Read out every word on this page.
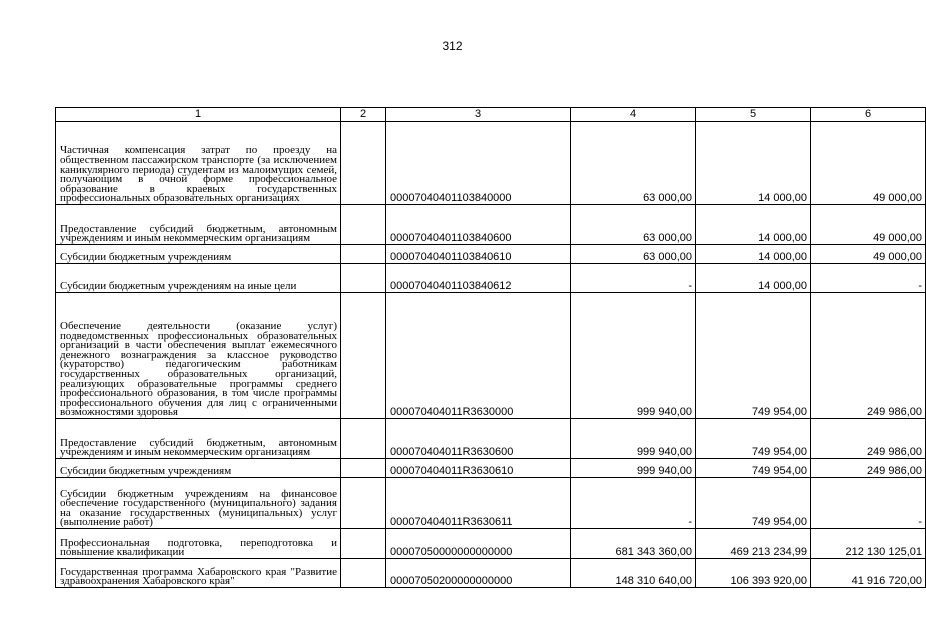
312
1	2	3	4	5	6
Частичная компенсация затрат по проезду на общественном пассажирском транспорте (за исключением каникулярного периода) студентам из малоимущих семей, получающим в очной форме профессиональное образование в краевых государственных профессиональных образовательных организациях		00007040401103840000	63 000,00	14 000,00	49 000,00
Предоставление субсидий бюджетным, автономным учреждениям и иным некоммерческим организациям		00007040401103840600	63 000,00	14 000,00	49 000,00
Субсидии бюджетным учреждениям		00007040401103840610	63 000,00	14 000,00	49 000,00
Субсидии бюджетным учреждениям на иные цели		00007040401103840612	-	14 000,00	-
Обеспечение деятельности (оказание услуг) подведомственных профессиональных образовательных организаций в части обеспечения выплат ежемесячного денежного вознаграждения за классное руководство (кураторство) педагогическим работникам государственных образовательных организаций, реализующих образовательные программы среднего профессионального образования, в том числе программы профессионального обучения для лиц с ограниченными возможностями здоровья		000070404011R3630000	999 940,00	749 954,00	249 986,00
Предоставление субсидий бюджетным, автономным учреждениям и иным некоммерческим организациям		000070404011R3630600	999 940,00	749 954,00	249 986,00
Субсидии бюджетным учреждениям		000070404011R3630610	999 940,00	749 954,00	249 986,00
Субсидии бюджетным учреждениям на финансовое обеспечение государственного (муниципального) задания на оказание государственных (муниципальных) услуг (выполнение работ)		000070404011R3630611	-	749 954,00	-
Профессиональная подготовка, переподготовка и повышение квалификации		00007050000000000000	681 343 360,00	469 213 234,99	212 130 125,01
Государственная программа Хабаровского края "Развитие здравоохранения Хабаровского края"		00007050200000000000	148 310 640,00	106 393 920,00	41 916 720,00
